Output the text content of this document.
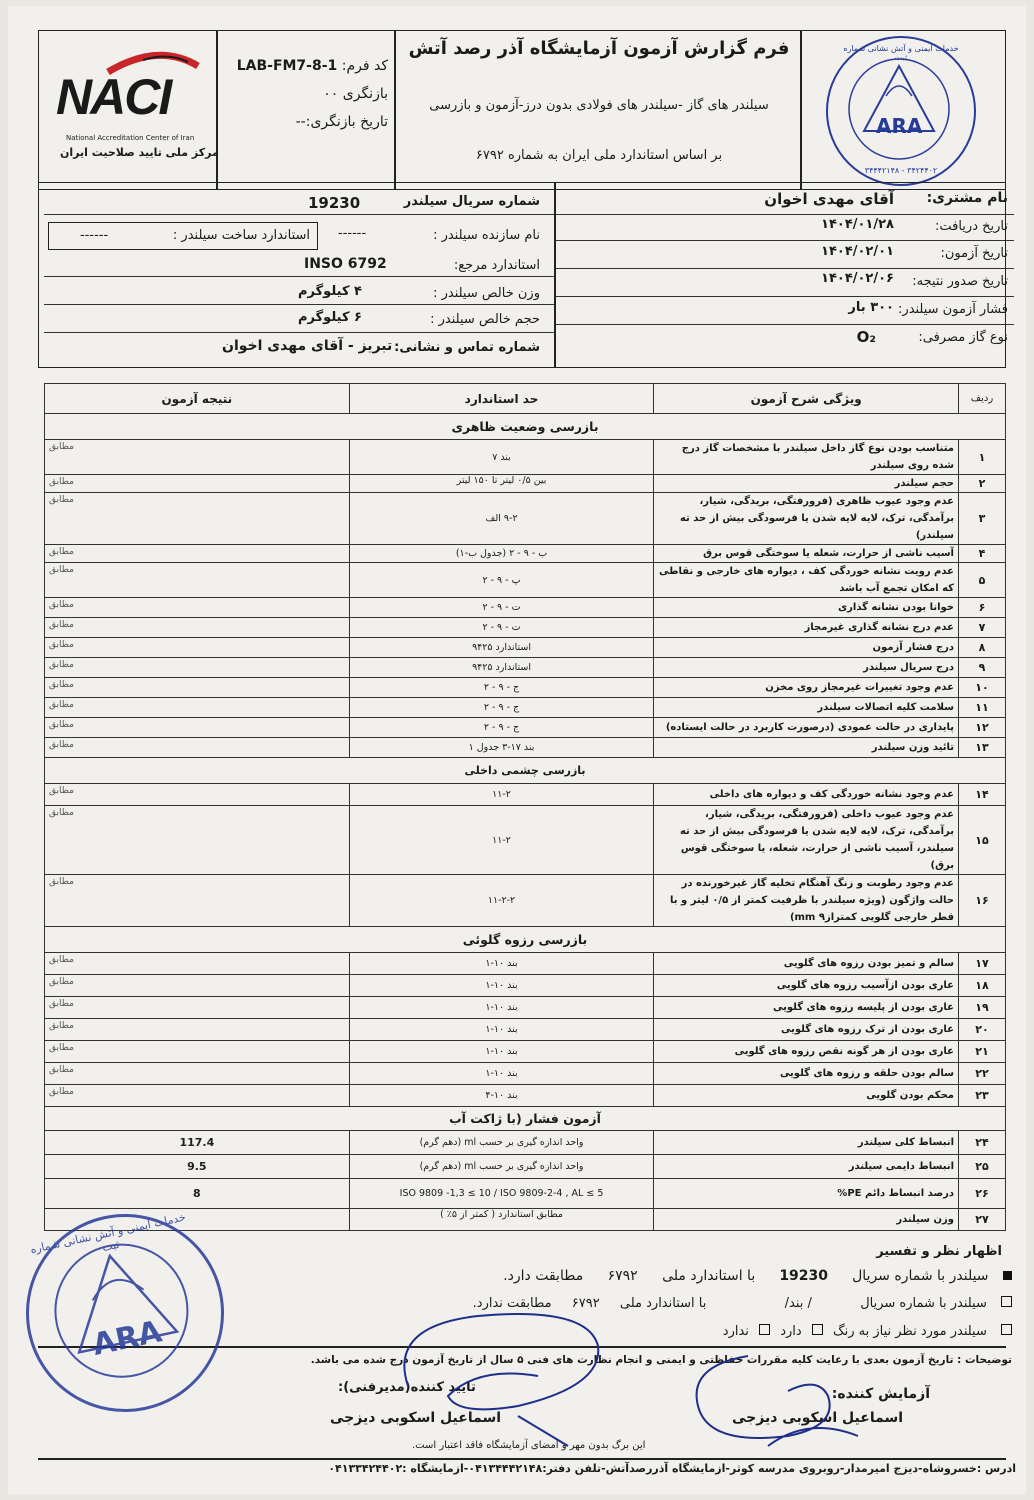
NACI
National Accreditation Center of Iran
مرکز ملی تایید صلاحیت ایران
کد فرم: LAB-FM7-8-1
بازنگری ۰۰
تاریخ بازنگری:--
فرم گزارش آزمون آزمایشگاه آذر رصد آتش
سیلندر های گاز -سیلندر های فولادی بدون درز-آزمون و بازرسی
بر اساس استاندارد ملی ایران به شماره ۶۷۹۲
ARA
خدمات ایمنی و آتش نشانی شماره ثبت
۳۴۲۴۴۰۲ - ۳۴۴۴۲۱۴۸
نام مشتری:
آقای مهدی اخوان
تاریخ دریافت:
۱۴۰۴/۰۱/۲۸
تاریخ آزمون:
۱۴۰۴/۰۲/۰۱
تاریخ صدور نتیجه:
۱۴۰۴/۰۲/۰۶
فشار آزمون سیلندر:
۳۰۰ بار
نوع گاز مصرفی:
O₂
شماره سریال سیلندر
19230
نام سازنده سیلندر :
------
استاندارد ساخت سیلندر :
------
استاندارد مرجع:
INSO 6792
وزن خالص سیلندر :
۴ کیلوگرم
حجم خالص سیلندر :
۶ کیلوگرم
شماره تماس و نشانی:
تبریز - آقای مهدی اخوان
ردیف	ویژگی شرح آزمون	حد استاندارد	نتیجه آزمون
بازرسی وضعیت ظاهری			
۱	متناسب بودن نوع گاز داخل سیلندر با مشخصات گاز درج شده روی سیلندر	بند ۷	مطابق
۲	حجم سیلندر	بین ۰/۵ لیتر تا ۱۵۰ لیتر	مطابق
۳	عدم وجود عیوب ظاهری (فرورفتگی، بریدگی، شیار، برآمدگی، ترک، لایه لایه شدن یا فرسودگی بیش از حد ته سیلندر)	۹-۲ الف	مطابق
۴	آسیب ناشی از حرارت، شعله یا سوختگی قوس برق	ب - ۹ - ۲ (جدول ب-۱)	مطابق
۵	عدم رویت نشانه خوردگی کف ، دیواره های خارجی و نقاطی که امکان تجمع آب باشد	پ - ۹ - ۲	مطابق
۶	خوانا بودن نشانه گذاری	ت - ۹ - ۲	مطابق
۷	عدم درج نشانه گذاری غیرمجاز	ت - ۹ - ۲	مطابق
۸	درج فشار آزمون	استاندارد ۹۴۲۵	مطابق
۹	درج سریال سیلندر	استاندارد ۹۴۲۵	مطابق
۱۰	عدم وجود تغییرات غیرمجاز روی مخزن	ج - ۹ - ۲	مطابق
۱۱	سلامت کلیه اتصالات سیلندر	ج - ۹ - ۲	مطابق
۱۲	پایداری در حالت عمودی (درصورت کاربرد در حالت ایستاده)	ج - ۹ - ۲	مطابق
۱۳	تائید وزن سیلندر	بند ۱۷-۳ جدول ۱	مطابق
بازرسی چشمی داخلی			
۱۴	عدم وجود نشانه خوردگی کف و دیواره های داخلی	۱۱-۲	مطابق
۱۵	عدم وجود عیوب داخلی (فرورفتگی، بریدگی، شیار، برآمدگی، ترک، لایه لایه شدن یا فرسودگی بیش از حد ته سیلندر، آسیب ناشی از حرارت، شعله، یا سوختگی قوس برق)	۱۱-۲	مطابق
۱۶	عدم وجود رطوبت و زنگ آهنگام تخلیه گاز غیرخورنده در حالت واژگون (ویژه سیلندر با ظرفیت کمتر از ۰/۵ لیتر و با قطر خارجی گلویی کمتراز۹ mm)	۱۱-۲-۲	مطابق
بازرسی رزوه گلوئی			
۱۷	سالم و تمیز بودن رزوه های گلویی	بند ۱۰-۱	مطابق
۱۸	عاری بودن ازآسیب رزوه های گلویی	بند ۱۰-۱	مطابق
۱۹	عاری بودن از پلیسه رزوه های گلویی	بند ۱۰-۱	مطابق
۲۰	عاری بودن از ترک رزوه های گلویی	بند ۱۰-۱	مطابق
۲۱	عاری بودن از هر گونه نقص رزوه های گلویی	بند ۱۰-۱	مطابق
۲۲	سالم بودن حلقه و رزوه های گلویی	بند ۱۰-۱	مطابق
۲۳	محکم بودن گلویی	بند ۱۰-۴	مطابق
آزمون فشار (با ژاکت آب			
۲۴	انبساط کلی سیلندر	واحد اندازه گیری بر حسب ml (دهم گرم)	117.4
۲۵	انبساط دایمی سیلندر	واحد اندازه گیری بر حسب ml (دهم گرم)	9.5
۲۶	درصد انبساط دائم PE%	ISO 9809 -1,3 ≤ 10 / ISO 9809-2-4 , AL ≤ 5	8
۲۷	وزن سیلندر	مطابق استاندارد ( کمتر از ۵٪ )	
اظهار نظر و تفسیر
سیلندر با شماره سریال 19230 با استاندارد ملی ۶۷۹۲ مطابقت دارد.
سیلندر با شماره سریال  / بند/  با استاندارد ملی ۶۷۹۲ مطابقت ندارد.
سیلندر مورد نظر نیاز به رنگ  دارد  ندارد
توضیحات : تاریخ آزمون بعدی با رعایت کلیه مقررات حفاظتی و ایمنی و انجام نظارت های فنی ۵ سال از تاریخ آزمون درج شده می باشد.
آزمایش کننده:
تایید کننده(مدیرفنی):
اسماعیل اسکوبی دیزجی
اسماعیل اسکوبی دیزجی
این برگ بدون مهر و امضای آزمایشگاه فاقد اعتبار است.
ادرس :خسروشاه-دیزج امیرمدار-روبروی مدرسه کوثر-ازمایشگاه آذررصدآتش-تلفن دفتر:۰۴۱۳۴۴۴۲۱۴۸-ازمایشگاه :۰۴۱۳۳۴۲۴۴۰۲
ARA
خدمات ایمنی و آتش نشانی شماره ثبت
